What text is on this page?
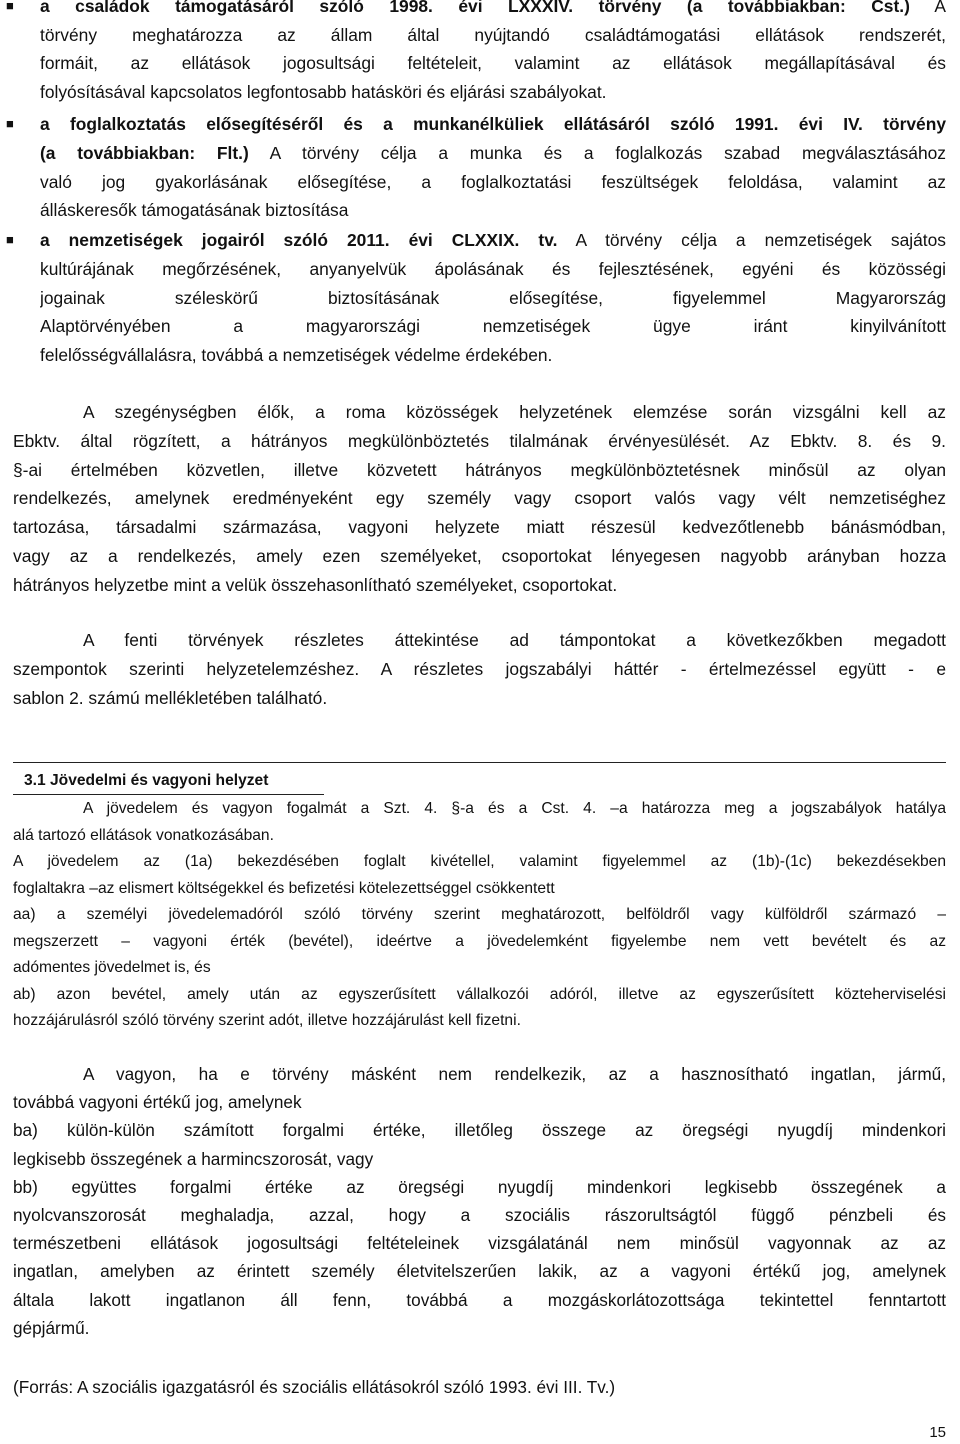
■ a családok támogatásáról szóló 1998. évi LXXXIV. törvény (a továbbiakban: Cst.) A
törvény meghatározza az állam által nyújtandó családtámogatási ellátások rendszerét,
formáit, az ellátások jogosultsági feltételeit, valamint az ellátások megállapításával és
folyósításával kapcsolatos legfontosabb hatásköri és eljárási szabályokat.

■ a foglalkoztatás elősegítéséről és a munkanélküliek ellátásáról szóló 1991. évi IV. törvény
(a továbbiakban: Flt.) A törvény célja a munka és a foglalkozás szabad megválasztásához
való jog gyakorlásának elősegítése, a foglalkoztatási feszültségek feloldása, valamint az
álláskeresők támogatásának biztosítása

■ a nemzetiségek jogairól szóló 2011. évi CLXXIX. tv. A törvény célja a nemzetiségek sajátos
kultúrájának megőrzésének, anyanyelvük ápolásának és fejlesztésének, egyéni és közösségi
jogainak széleskörű biztosításának elősegítése, figyelemmel Magyarország
Alaptörvényében a magyarországi nemzetiségek ügye iránt kinyilvánított
felelősségvállalásra, továbbá a nemzetiségek védelme érdekében.

A szegénységben élők, a roma közösségek helyzetének elemzése során vizsgálni kell az
Ebktv. által rögzített, a hátrányos megkülönböztetés tilalmának érvényesülését. Az Ebktv. 8. és 9.
§-ai értelmében közvetlen, illetve közvetett hátrányos megkülönböztetésnek minősül az olyan
rendelkezés, amelynek eredményeként egy személy vagy csoport valós vagy vélt nemzetiséghez
tartozása, társadalmi származása, vagyoni helyzete miatt részesül kedvezőtlenebb bánásmódban,
vagy az a rendelkezés, amely ezen személyeket, csoportokat lényegesen nagyobb arányban hozza
hátrányos helyzetbe mint a velük összehasonlítható személyeket, csoportokat.
A fenti törvények részletes áttekintése ad támpontokat a következőkben megadott
szempontok szerinti helyzetelemzéshez. A részletes jogszabályi háttér - értelmezéssel együtt - e
sablon 2. számú mellékletében található.
3.1 Jövedelmi és vagyoni helyzet
A jövedelem és vagyon fogalmát a Szt. 4. §-a és a Cst. 4. –a határozza meg a jogszabályok hatálya
alá tartozó ellátások vonatkozásában.
A jövedelem az (1a) bekezdésében foglalt kivétellel, valamint figyelemmel az (1b)-(1c) bekezdésekben
foglaltakra –az elismert költségekkel és befizetési kötelezettséggel csökkentett
aa) a személyi jövedelemadóról szóló törvény szerint meghatározott, belföldről vagy külföldről származó –
megszerzett – vagyoni érték (bevétel), ideértve a jövedelemként figyelembe nem vett bevételt és az
adómentes jövedelmet is, és
ab) azon bevétel, amely után az egyszerűsített vállalkozói adóról, illetve az egyszerűsített közteherviselési
hozzájárulásról szóló törvény szerint adót, illetve hozzájárulást kell fizetni.
A vagyon, ha e törvény másként nem rendelkezik, az a hasznosítható ingatlan, jármű,
továbbá vagyoni értékű jog, amelynek
ba) külön-külön számított forgalmi értéke, illetőleg összege az öregségi nyugdíj mindenkori
legkisebb összegének a harmincszorosát, vagy
bb) együttes forgalmi értéke az öregségi nyugdíj mindenkori legkisebb összegének a
nyolcvanszorosát meghaladja, azzal, hogy a szociális rászorultságtól függő pénzbeli és
természetbeni ellátások jogosultsági feltételeinek vizsgálatánál nem minősül vagyonnak az az
ingatlan, amelyben az érintett személy életvitelszerűen lakik, az a vagyoni értékű jog, amelynek
általa lakott ingatlanon áll fenn, továbbá a mozgáskorlátozottsága tekintettel fenntartott
gépjármű.
(Forrás: A szociális igazgatásról és szociális ellátásokról szóló 1993. évi III. Tv.)
15
